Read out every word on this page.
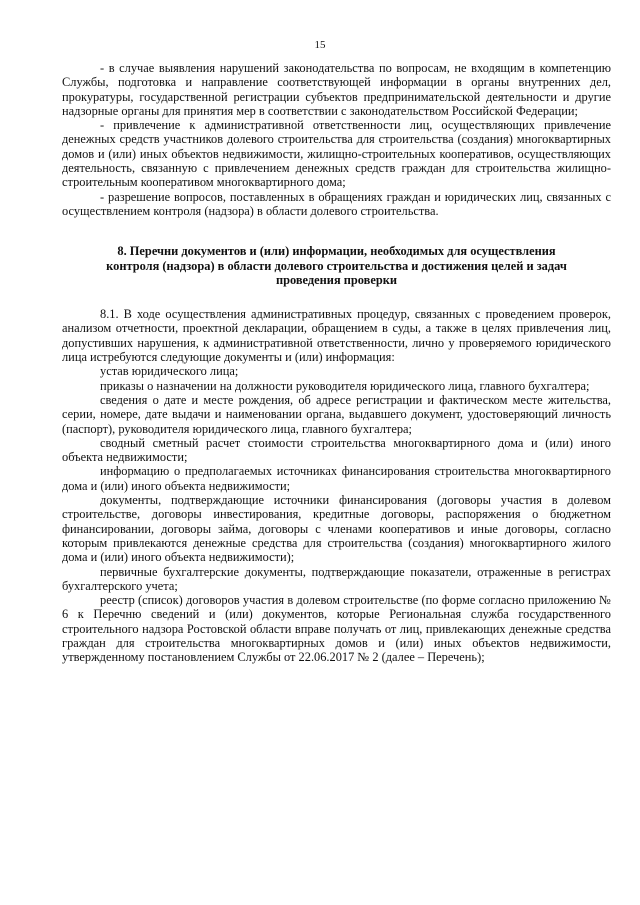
15

- в случае выявления нарушений законодательства по вопросам, не входящим в компетенцию Службы, подготовка и направление соответствующей информации в органы внутренних дел, прокуратуры, государственной регистрации субъектов предпринимательской деятельности и другие надзорные органы для принятия мер в соответствии с законодательством Российской Федерации;

- привлечение к административной ответственности лиц, осуществляющих привлечение денежных средств участников долевого строительства для строительства (создания) многоквартирных домов и (или) иных объектов недвижимости, жилищно-строительных кооперативов, осуществляющих деятельность, связанную с привлечением денежных средств граждан для строительства жилищно-строительным кооперативом многоквартирного дома;

- разрешение вопросов, поставленных в обращениях граждан и юридических лиц, связанных с осуществлением контроля (надзора) в области долевого строительства.

8. Перечни документов и (или) информации, необходимых для осуществления контроля (надзора) в области долевого строительства и достижения целей и задач проведения проверки

8.1. В ходе осуществления административных процедур, связанных с проведением проверок, анализом отчетности, проектной декларации, обращением в суды, а также в целях привлечения лиц, допустивших нарушения, к административной ответственности, лично у проверяемого юридического лица истребуются следующие документы и (или) информация:

устав юридического лица;

приказы о назначении на должности руководителя юридического лица, главного бухгалтера;

сведения о дате и месте рождения, об адресе регистрации и фактическом месте жительства, серии, номере, дате выдачи и наименовании органа, выдавшего документ, удостоверяющий личность (паспорт), руководителя юридического лица, главного бухгалтера;

сводный сметный расчет стоимости строительства многоквартирного дома и (или) иного объекта недвижимости;

информацию о предполагаемых источниках финансирования строительства многоквартирного дома и (или) иного объекта недвижимости;

документы, подтверждающие источники финансирования (договоры участия в долевом строительстве, договоры инвестирования, кредитные договоры, распоряжения о бюджетном финансировании, договоры займа, договоры с членами кооперативов и иные договоры, согласно которым привлекаются денежные средства для строительства (создания) многоквартирного жилого дома и (или) иного объекта недвижимости);

первичные бухгалтерские документы, подтверждающие показатели, отраженные в регистрах бухгалтерского учета;

реестр (список) договоров участия в долевом строительстве (по форме согласно приложению № 6 к Перечню сведений и (или) документов, которые Региональная служба государственного строительного надзора Ростовской области вправе получать от лиц, привлекающих денежные средства граждан для строительства многоквартирных домов и (или) иных объектов недвижимости, утвержденному постановлением Службы от 22.06.2017 № 2 (далее – Перечень);
